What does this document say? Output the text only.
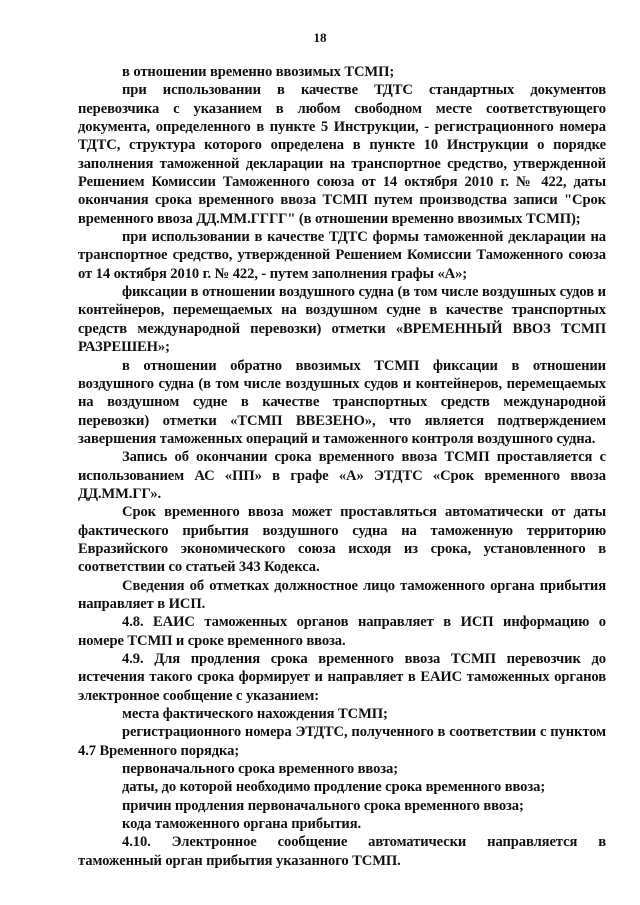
18

в отношении временно ввозимых ТСМП;

при использовании в качестве ТДТС стандартных документов перевозчика с указанием в любом свободном месте соответствующего документа, определенного в пункте 5 Инструкции, - регистрационного номера ТДТС, структура которого определена в пункте 10 Инструкции о порядке заполнения таможенной декларации на транспортное средство, утвержденной Решением Комиссии Таможенного союза от 14 октября 2010 г. № 422, даты окончания срока временного ввоза ТСМП путем производства записи "Срок временного ввоза ДД.ММ.ГГГГ" (в отношении временно ввозимых ТСМП);

при использовании в качестве ТДТС формы таможенной декларации на транспортное средство, утвержденной Решением Комиссии Таможенного союза от 14 октября 2010 г. № 422, - путем заполнения графы «А»;

фиксации в отношении воздушного судна (в том числе воздушных судов и контейнеров, перемещаемых на воздушном судне в качестве транспортных средств международной перевозки) отметки «ВРЕМЕННЫЙ ВВОЗ ТСМП РАЗРЕШЕН»;

в отношении обратно ввозимых ТСМП фиксации в отношении воздушного судна (в том числе воздушных судов и контейнеров, перемещаемых на воздушном судне в качестве транспортных средств международной перевозки) отметки «ТСМП ВВЕЗЕНО», что является подтверждением завершения таможенных операций и таможенного контроля воздушного судна.

Запись об окончании срока временного ввоза ТСМП проставляется с использованием АС «ПП» в графе «А» ЭТДТС «Срок временного ввоза ДД.ММ.ГГ».

Срок временного ввоза может проставляться автоматически от даты фактического прибытия воздушного судна на таможенную территорию Евразийского экономического союза исходя из срока, установленного в соответствии со статьей 343 Кодекса.

Сведения об отметках должностное лицо таможенного органа прибытия направляет в ИСП.

4.8. ЕАИС таможенных органов направляет в ИСП информацию о номере ТСМП и сроке временного ввоза.

4.9. Для продления срока временного ввоза ТСМП перевозчик до истечения такого срока формирует и направляет в ЕАИС таможенных органов электронное сообщение с указанием:

места фактического нахождения ТСМП;

регистрационного номера ЭТДТС, полученного в соответствии с пунктом 4.7 Временного порядка;

первоначального срока временного ввоза;

даты, до которой необходимо продление срока временного ввоза;

причин продления первоначального срока временного ввоза;

кода таможенного органа прибытия.

4.10. Электронное сообщение автоматически направляется в таможенный орган прибытия указанного ТСМП.
